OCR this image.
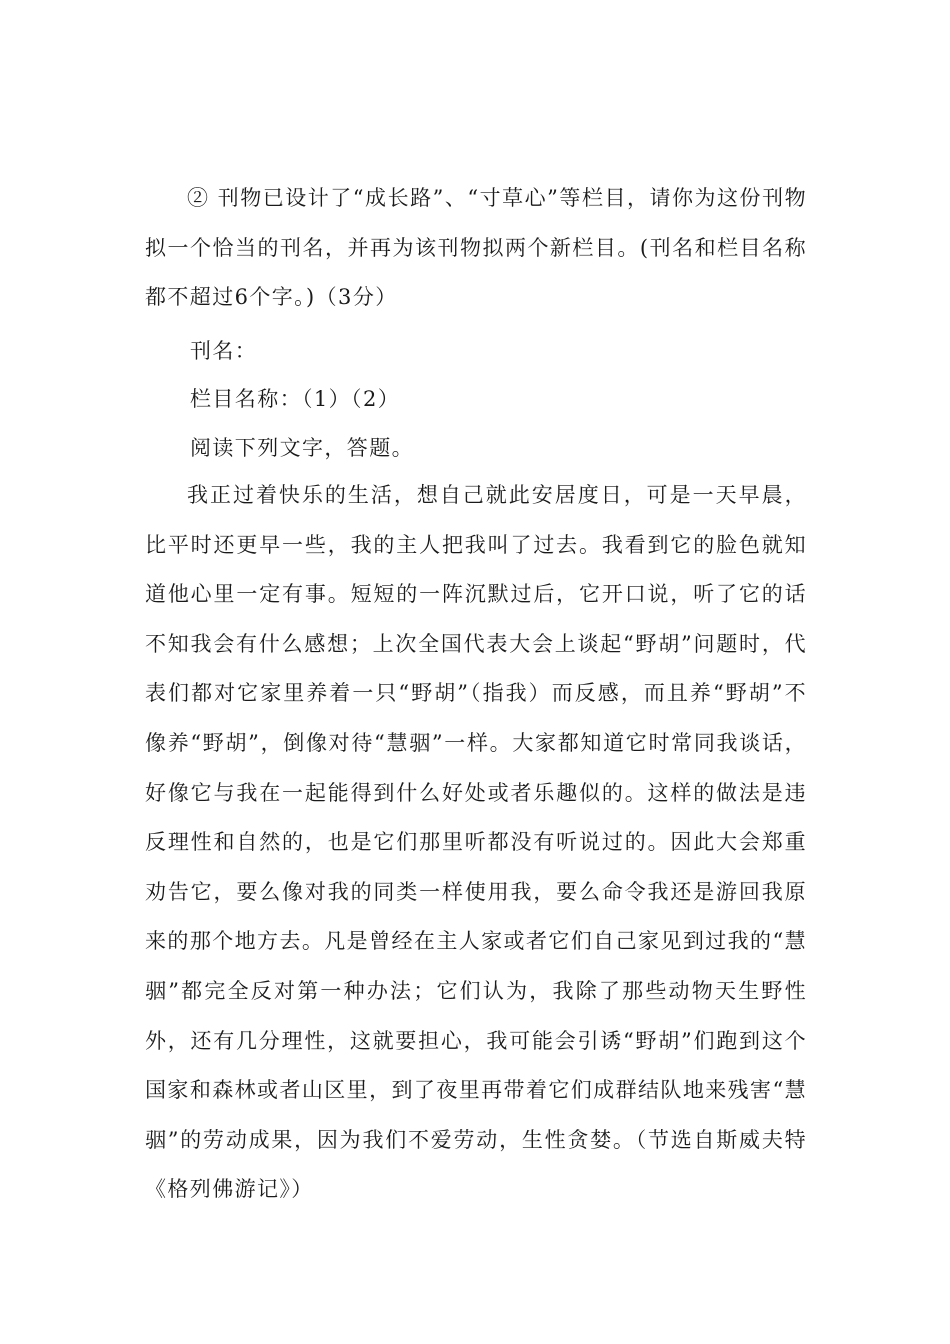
② 刊物已设计了“成长路”、“寸草心”等栏目，请你为这份刊物拟一个恰当的刊名，并再为该刊物拟两个新栏目。(刊名和栏目名称都不超过6个字。)（3分）

刊名：

栏目名称：（1）（2）

阅读下列文字，答题。

我正过着快乐的生活，想自己就此安居度日，可是一天早晨，比平时还更早一些，我的主人把我叫了过去。我看到它的脸色就知道他心里一定有事。短短的一阵沉默过后，它开口说，听了它的话不知我会有什么感想；上次全国代表大会上谈起“野胡”问题时，代表们都对它家里养着一只“野胡”（指我）而反感，而且养“野胡”不像养“野胡”，倒像对待“慧骃”一样。大家都知道它时常同我谈话，好像它与我在一起能得到什么好处或者乐趣似的。这样的做法是违反理性和自然的，也是它们那里听都没有听说过的。因此大会郑重劝告它，要么像对我的同类一样使用我，要么命令我还是游回我原来的那个地方去。凡是曾经在主人家或者它们自己家见到过我的“慧骃”都完全反对第一种办法；它们认为，我除了那些动物天生野性外，还有几分理性，这就要担心，我可能会引诱“野胡”们跑到这个国家和森林或者山区里，到了夜里再带着它们成群结队地来残害“慧骃”的劳动成果，因为我们不爱劳动，生性贪婪。（节选自斯威夫特《格列佛游记》）
